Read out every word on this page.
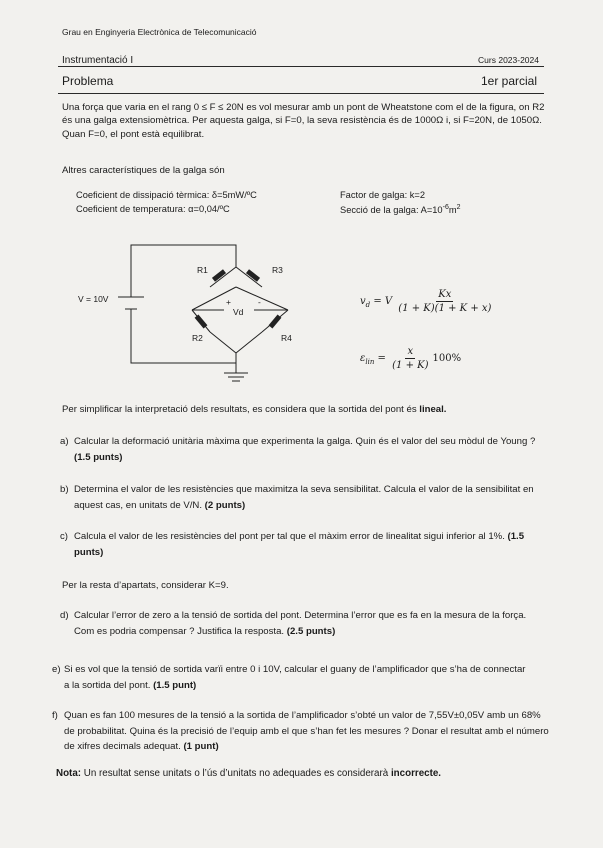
Grau en Enginyeria Electrònica de Telecomunicació
Instrumentació I	Curs 2023-2024
Problema	1er parcial
Una força que varia en el rang 0 ≤ F ≤ 20N es vol mesurar amb un pont de Wheatstone com el de la figura, on R2 és una galga extensiomètrica. Per aquesta galga, si F=0, la seva resistència és de 1000Ω i, si F=20N, de 1050Ω. Quan F=0, el pont està equilibrat.
Altres característiques de la galga són
Coeficient de dissipació tèrmica: δ=5mW/ºC
Coeficient de temperatura: α=0,04/ºC
Factor de galga: k=2
Secció de la galga: $A=10^{-6}m^2$
R1	R3
R2	R4
V = 10V
Vd
+	-	$v_d = V \frac{Kx}{(1 + K)(1 + K + x)}$
$\varepsilon_{lin} = \frac{x}{(1 + K)} 100\%$
Per simplificar la interpretació dels resultats, es considera que la sortida del pont és lineal.
a) Calcular la deformació unitària màxima que experimenta la galga. Quin és el valor del seu mòdul de Young ? (1.5 punts)
b) Determina el valor de les resistències que maximitza la seva sensibilitat. Calcula el valor de la sensibilitat en aquest cas, en unitats de V/N. (2 punts)
c) Calcula el valor de les resistències del pont per tal que el màxim error de linealitat sigui inferior al 1%. (1.5 punts)
Per la resta d’apartats, considerar K=9.
d) Calcular l’error de zero a la tensió de sortida del pont. Determina l’error que es fa en la mesura de la força. Com es podria compensar ? Justifica la resposta. (2.5 punts)
e) Si es vol que la tensió de sortida varïi entre 0 i 10V, calcular el guany de l’amplificador que s’ha de connectar a la sortida del pont. (1.5 punt)
f) Quan es fan 100 mesures de la tensió a la sortida de l’amplificador s’obté un valor de 7,55V±0,05V amb un 68% de probabilitat. Quina és la precisió de l’equip amb el que s’han fet les mesures ? Donar el resultat amb el número de xifres decimals adequat. (1 punt)
Nota: Un resultat sense unitats o l’ús d’unitats no adequades es considerarà incorrecte.
